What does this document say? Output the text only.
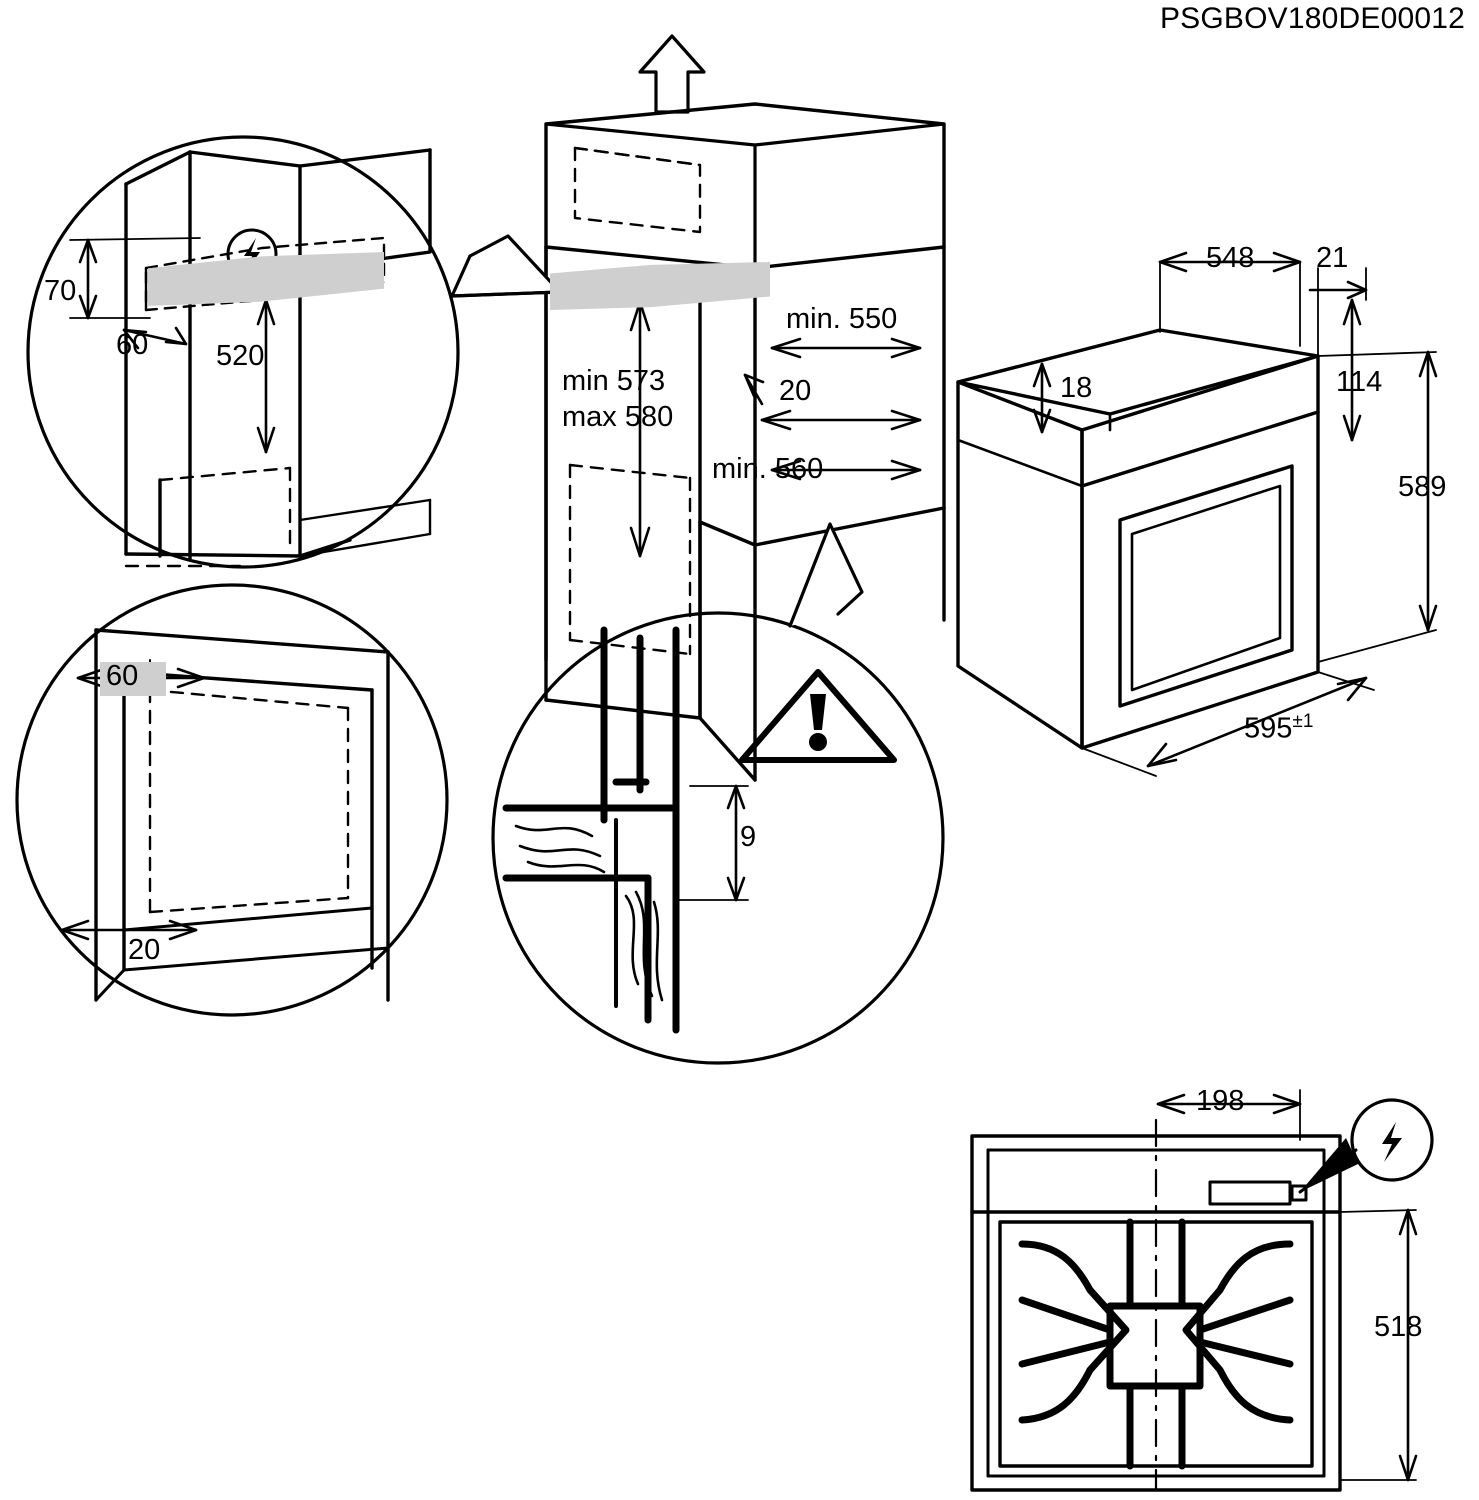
PSGBOV180DE00012
70
60 520
60
20
min 573
max 580
min. 550
20
min. 560
9
548 21
18	114
589
$595^{\pm 1}$
198
518
